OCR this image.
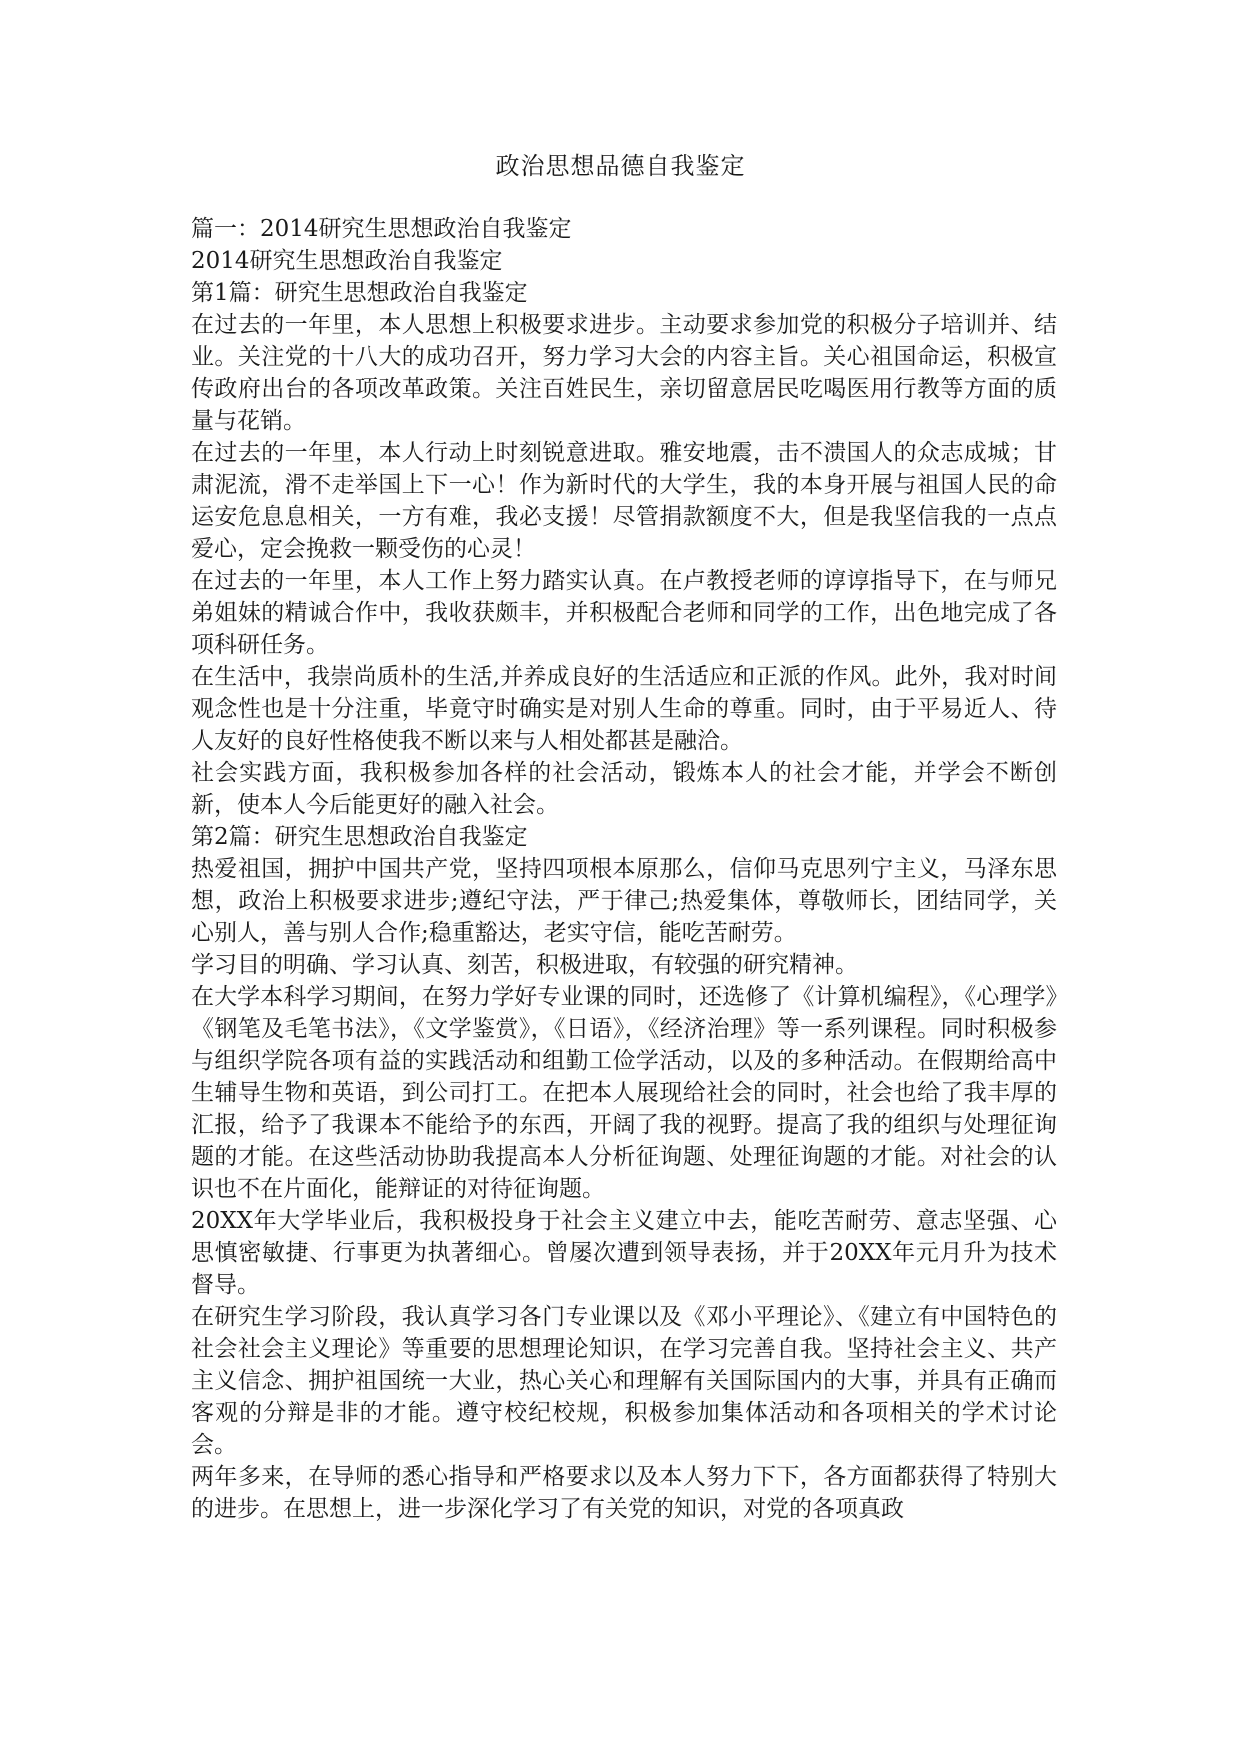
政治思想品德自我鉴定

篇一：2014研究生思想政治自我鉴定

2014研究生思想政治自我鉴定

第1篇：研究生思想政治自我鉴定

在过去的一年里，本人思想上积极要求进步。主动要求参加党的积极分子培训并、结业。关注党的十八大的成功召开，努力学习大会的内容主旨。关心祖国命运，积极宣传政府出台的各项改革政策。关注百姓民生，亲切留意居民吃喝医用行教等方面的质量与花销。

在过去的一年里，本人行动上时刻锐意进取。雅安地震，击不溃国人的众志成城；甘肃泥流，滑不走举国上下一心！作为新时代的大学生，我的本身开展与祖国人民的命运安危息息相关，一方有难，我必支援！尽管捐款额度不大，但是我坚信我的一点点爱心，定会挽救一颗受伤的心灵！

在过去的一年里，本人工作上努力踏实认真。在卢教授老师的谆谆指导下，在与师兄弟姐妹的精诚合作中，我收获颇丰，并积极配合老师和同学的工作，出色地完成了各项科研任务。

在生活中，我崇尚质朴的生活,并养成良好的生活适应和正派的作风。此外，我对时间观念性也是十分注重，毕竟守时确实是对别人生命的尊重。同时，由于平易近人、待人友好的良好性格使我不断以来与人相处都甚是融洽。

社会实践方面，我积极参加各样的社会活动，锻炼本人的社会才能，并学会不断创新，使本人今后能更好的融入社会。

第2篇：研究生思想政治自我鉴定

热爱祖国，拥护中国共产党，坚持四项根本原那么，信仰马克思列宁主义，马泽东思想，政治上积极要求进步;遵纪守法，严于律己;热爱集体，尊敬师长，团结同学，关心别人，善与别人合作;稳重豁达，老实守信，能吃苦耐劳。

学习目的明确、学习认真、刻苦，积极进取，有较强的研究精神。

在大学本科学习期间，在努力学好专业课的同时，还选修了《计算机编程》，《心理学》《钢笔及毛笔书法》，《文学鉴赏》，《日语》，《经济治理》等一系列课程。同时积极参与组织学院各项有益的实践活动和组勤工俭学活动，以及的多种活动。在假期给高中生辅导生物和英语，到公司打工。在把本人展现给社会的同时，社会也给了我丰厚的汇报，给予了我课本不能给予的东西，开阔了我的视野。提高了我的组织与处理征询题的才能。在这些活动协助我提高本人分析征询题、处理征询题的才能。对社会的认识也不在片面化，能辩证的对待征询题。

20XX年大学毕业后，我积极投身于社会主义建立中去，能吃苦耐劳、意志坚强、心思慎密敏捷、行事更为执著细心。曾屡次遭到领导表扬，并于20XX年元月升为技术督导。

在研究生学习阶段，我认真学习各门专业课以及《邓小平理论》、《建立有中国特色的社会社会主义理论》等重要的思想理论知识，在学习完善自我。坚持社会主义、共产主义信念、拥护祖国统一大业，热心关心和理解有关国际国内的大事，并具有正确而客观的分辩是非的才能。遵守校纪校规，积极参加集体活动和各项相关的学术讨论会。

两年多来，在导师的悉心指导和严格要求以及本人努力下下，各方面都获得了特别大的进步。在思想上，进一步深化学习了有关党的知识，对党的各项真政
